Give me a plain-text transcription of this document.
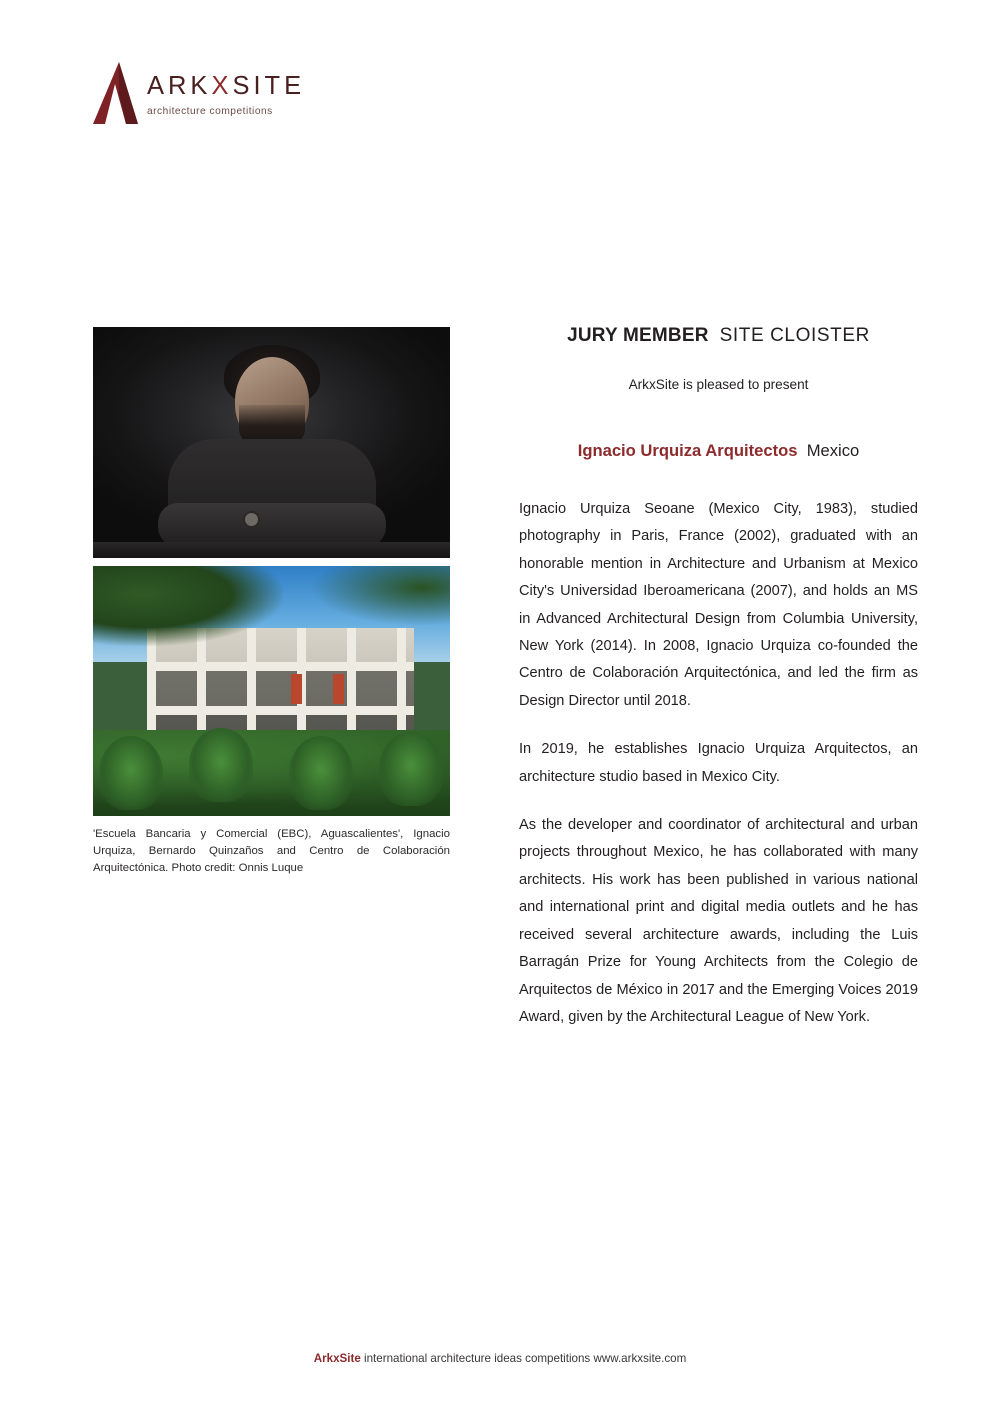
ARKXSITE
architecture competitions
'Escuela Bancaria y Comercial (EBC), Aguascalientes', Ignacio Urquiza, Bernardo Quinzaños and Centro de Colaboración Arquitectónica. Photo credit: Onnis Luque
JURY MEMBER SITE CLOISTER
ArkxSite is pleased to present
Ignacio Urquiza Arquitectos Mexico

Ignacio Urquiza Seoane (Mexico City, 1983), studied photography in Paris, France (2002), graduated with an honorable mention in Architecture and Urbanism at Mexico City's Universidad Iberoamericana (2007), and holds an MS in Advanced Architectural Design from Columbia University, New York (2014). In 2008, Ignacio Urquiza co-founded the Centro de Colaboración Arquitectónica, and led the firm as Design Director until 2018.

In 2019, he establishes Ignacio Urquiza Arquitectos, an architecture studio based in Mexico City.

As the developer and coordinator of architectural and urban projects throughout Mexico, he has collaborated with many architects. His work has been published in various national and international print and digital media outlets and he has received several architecture awards, including the Luis Barragán Prize for Young Architects from the Colegio de Arquitectos de México in 2017 and the Emerging Voices 2019 Award, given by the Architectural League of New York.

ArkxSite international architecture ideas competitions www.arkxsite.com
